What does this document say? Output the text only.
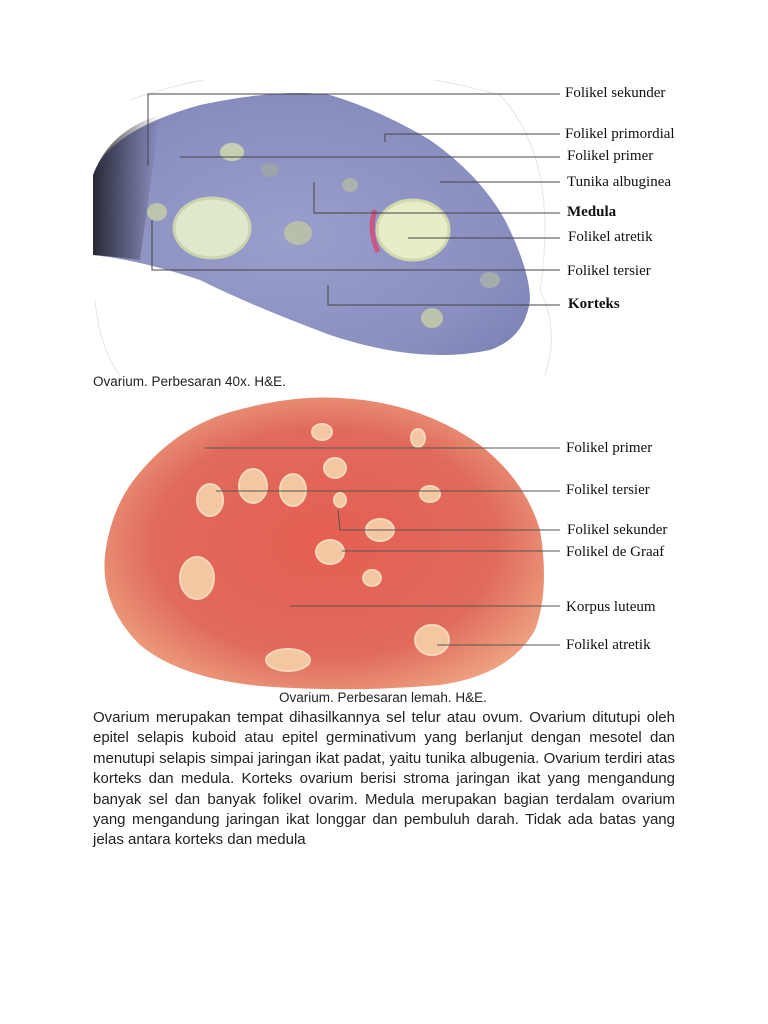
Folikel sekunder
Folikel primordial
Folikel primer
Tunika albuginea
Medula
Folikel atretik
Folikel tersier
Korteks
Ovarium. Perbesaran 40x. H&E.
Folikel primer
Folikel tersier
Folikel sekunder
Folikel de Graaf
Korpus luteum
Folikel atretik
Ovarium. Perbesaran lemah. H&E.
Ovarium merupakan tempat dihasilkannya sel telur atau ovum. Ovarium ditutupi oleh epitel selapis kuboid atau epitel germinativum yang berlanjut dengan mesotel dan menutupi selapis simpai jaringan ikat padat, yaitu tunika albugenia. Ovarium terdiri atas korteks dan medula. Korteks ovarium berisi stroma jaringan ikat yang mengandung banyak sel dan banyak folikel ovarim. Medula merupakan bagian terdalam ovarium yang mengandung jaringan ikat longgar dan pembuluh darah. Tidak ada batas yang jelas antara korteks dan medula
